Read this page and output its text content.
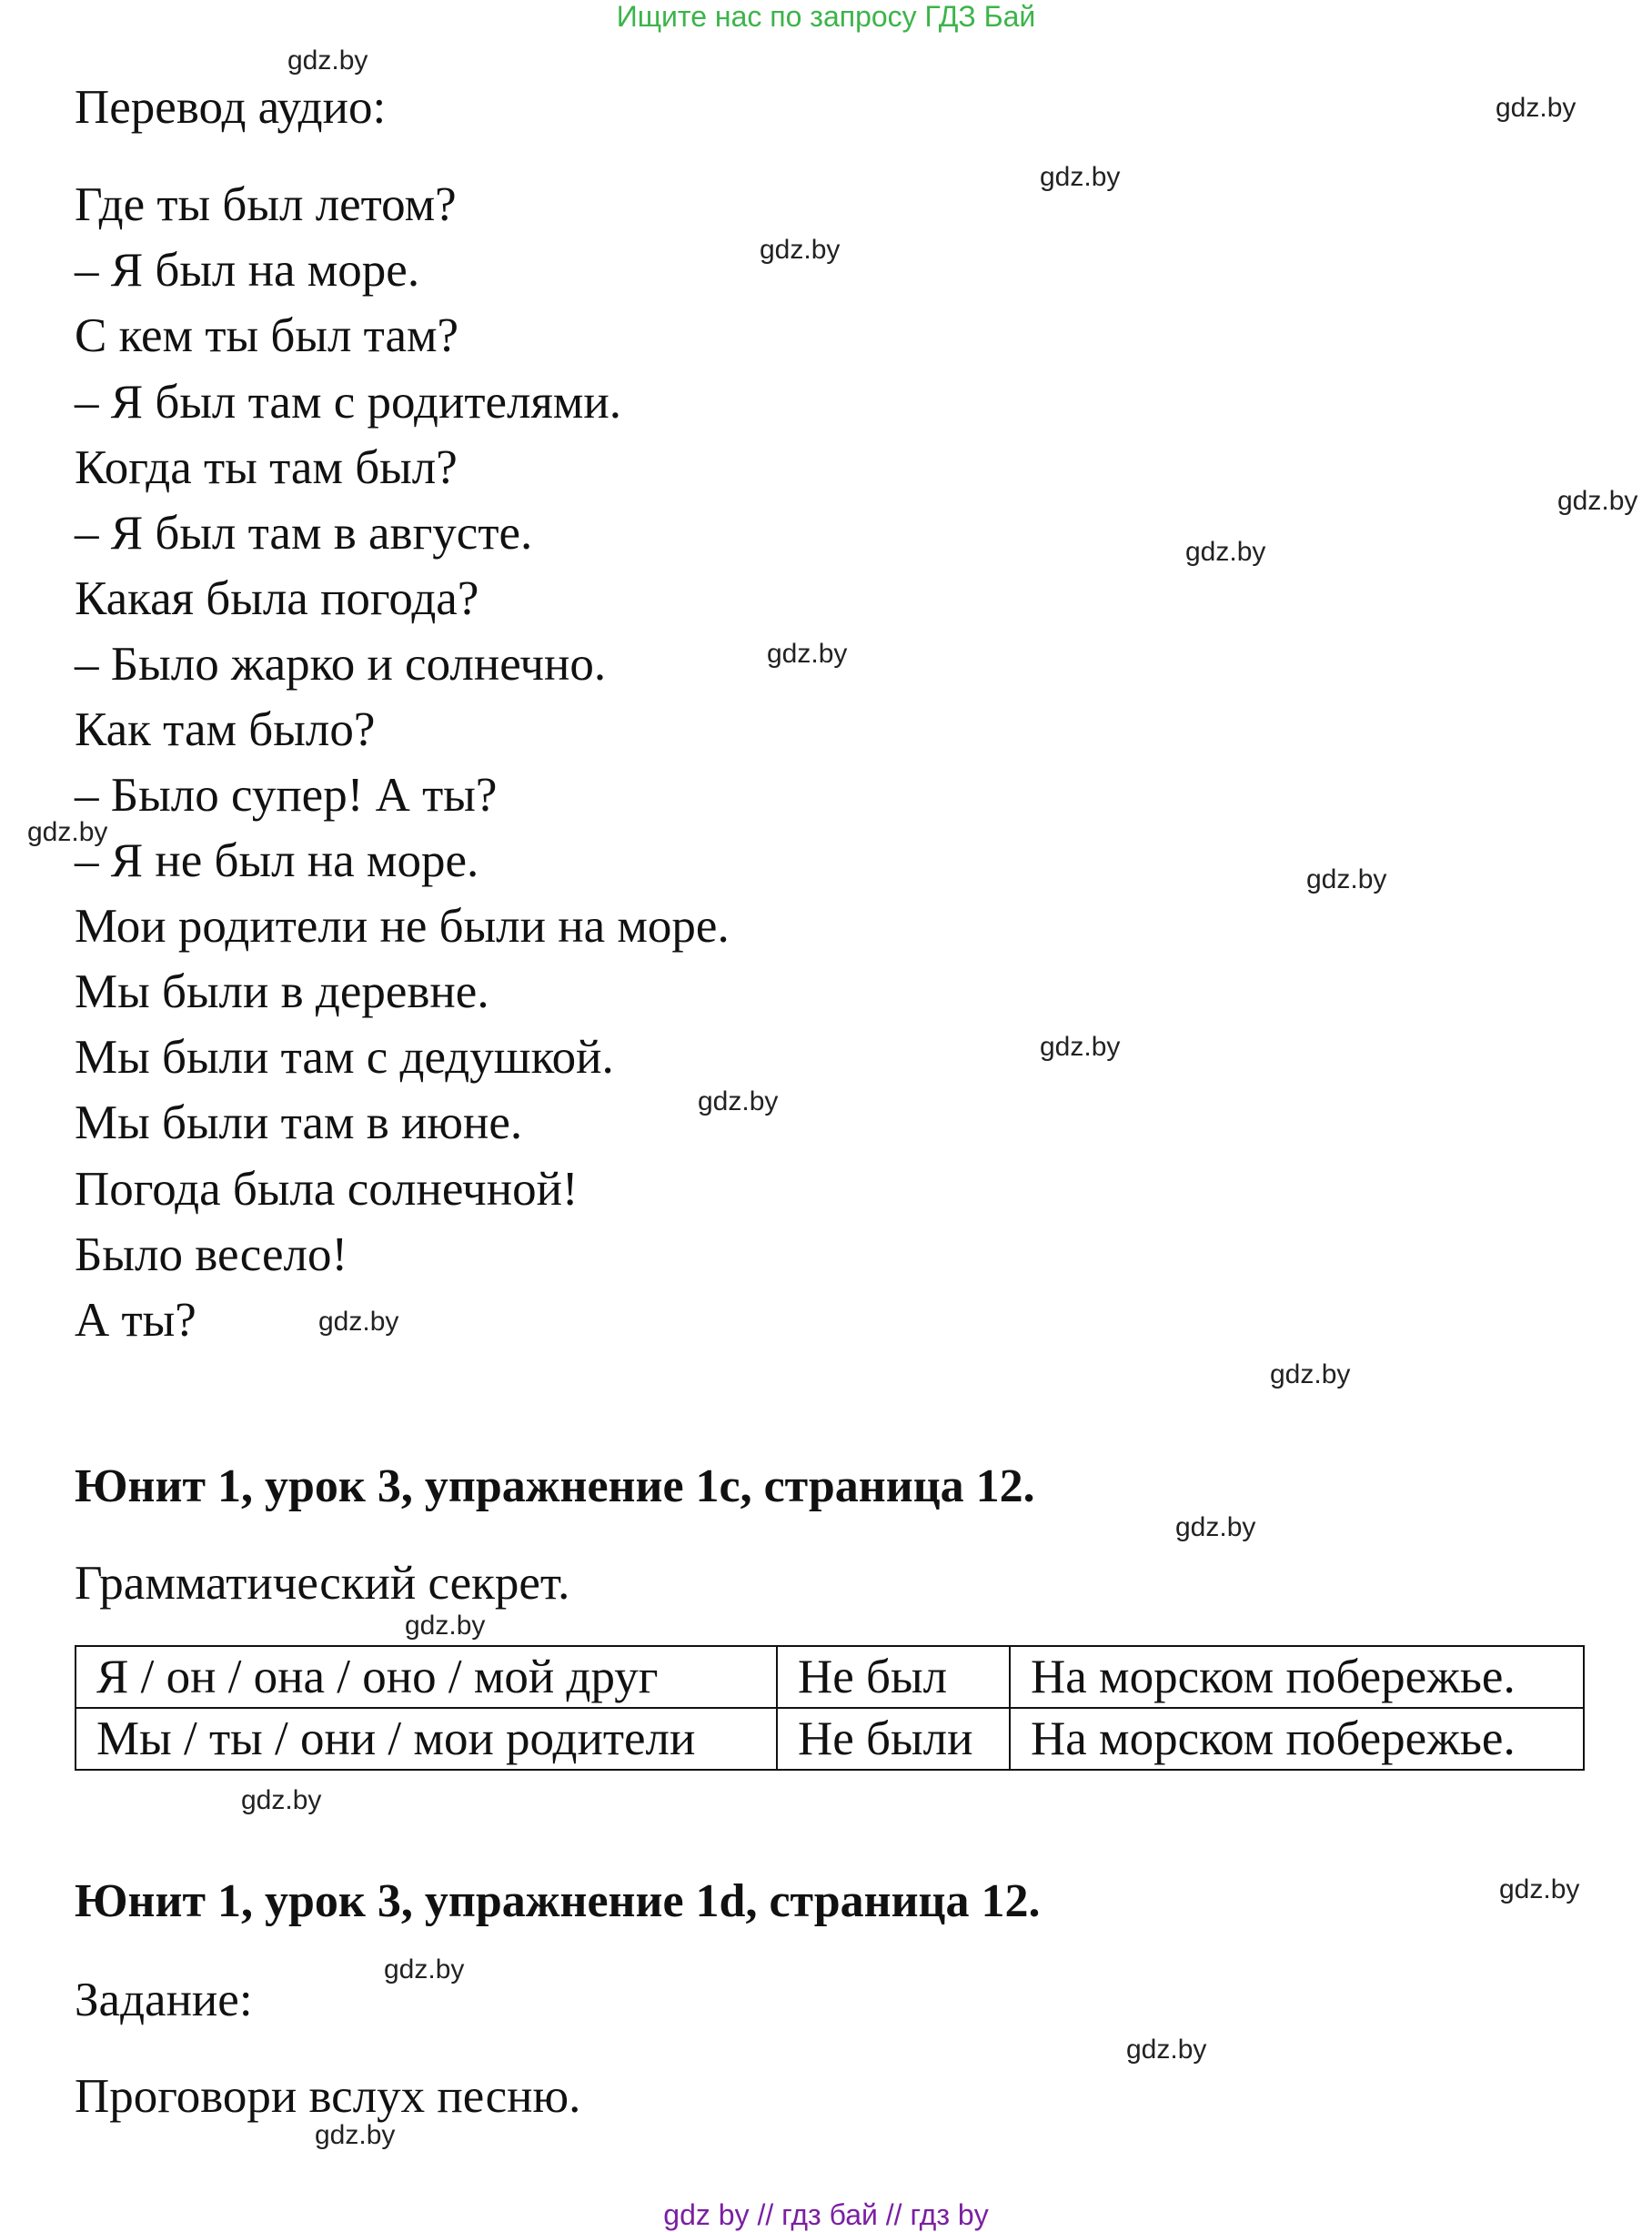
Ищите нас по запросу ГДЗ Бай
Перевод аудио:
Где ты был летом?
– Я был на море.
С кем ты был там?
– Я был там с родителями.
Когда ты там был?
– Я был там в августе.
Какая была погода?
– Было жарко и солнечно.
Как там было?
– Было супер! А ты?
– Я не был на море.
Мои родители не были на море.
Мы были в деревне.
Мы были там с дедушкой.
Мы были там в июне.
Погода была солнечной!
Было весело!
А ты?
Юнит 1, урок 3, упражнение 1с, страница 12.
Грамматический секрет.
Я / он / она / оно / мой друг	Не был	На морском побережье.
Мы / ты / они / мои родители	Не были	На морском побережье.
Юнит 1, урок 3, упражнение 1d, страница 12.
Задание:
Проговори вслух песню.
gdz.by
gdz.by
gdz.by
gdz.by
gdz.by
gdz.by
gdz.by
gdz.by
gdz.by
gdz.by
gdz.by
gdz.by
gdz.by
gdz.by
gdz.by
gdz.by
gdz.by
gdz.by
gdz.by
gdz.by
gdz by // гдз бай // гдз by
